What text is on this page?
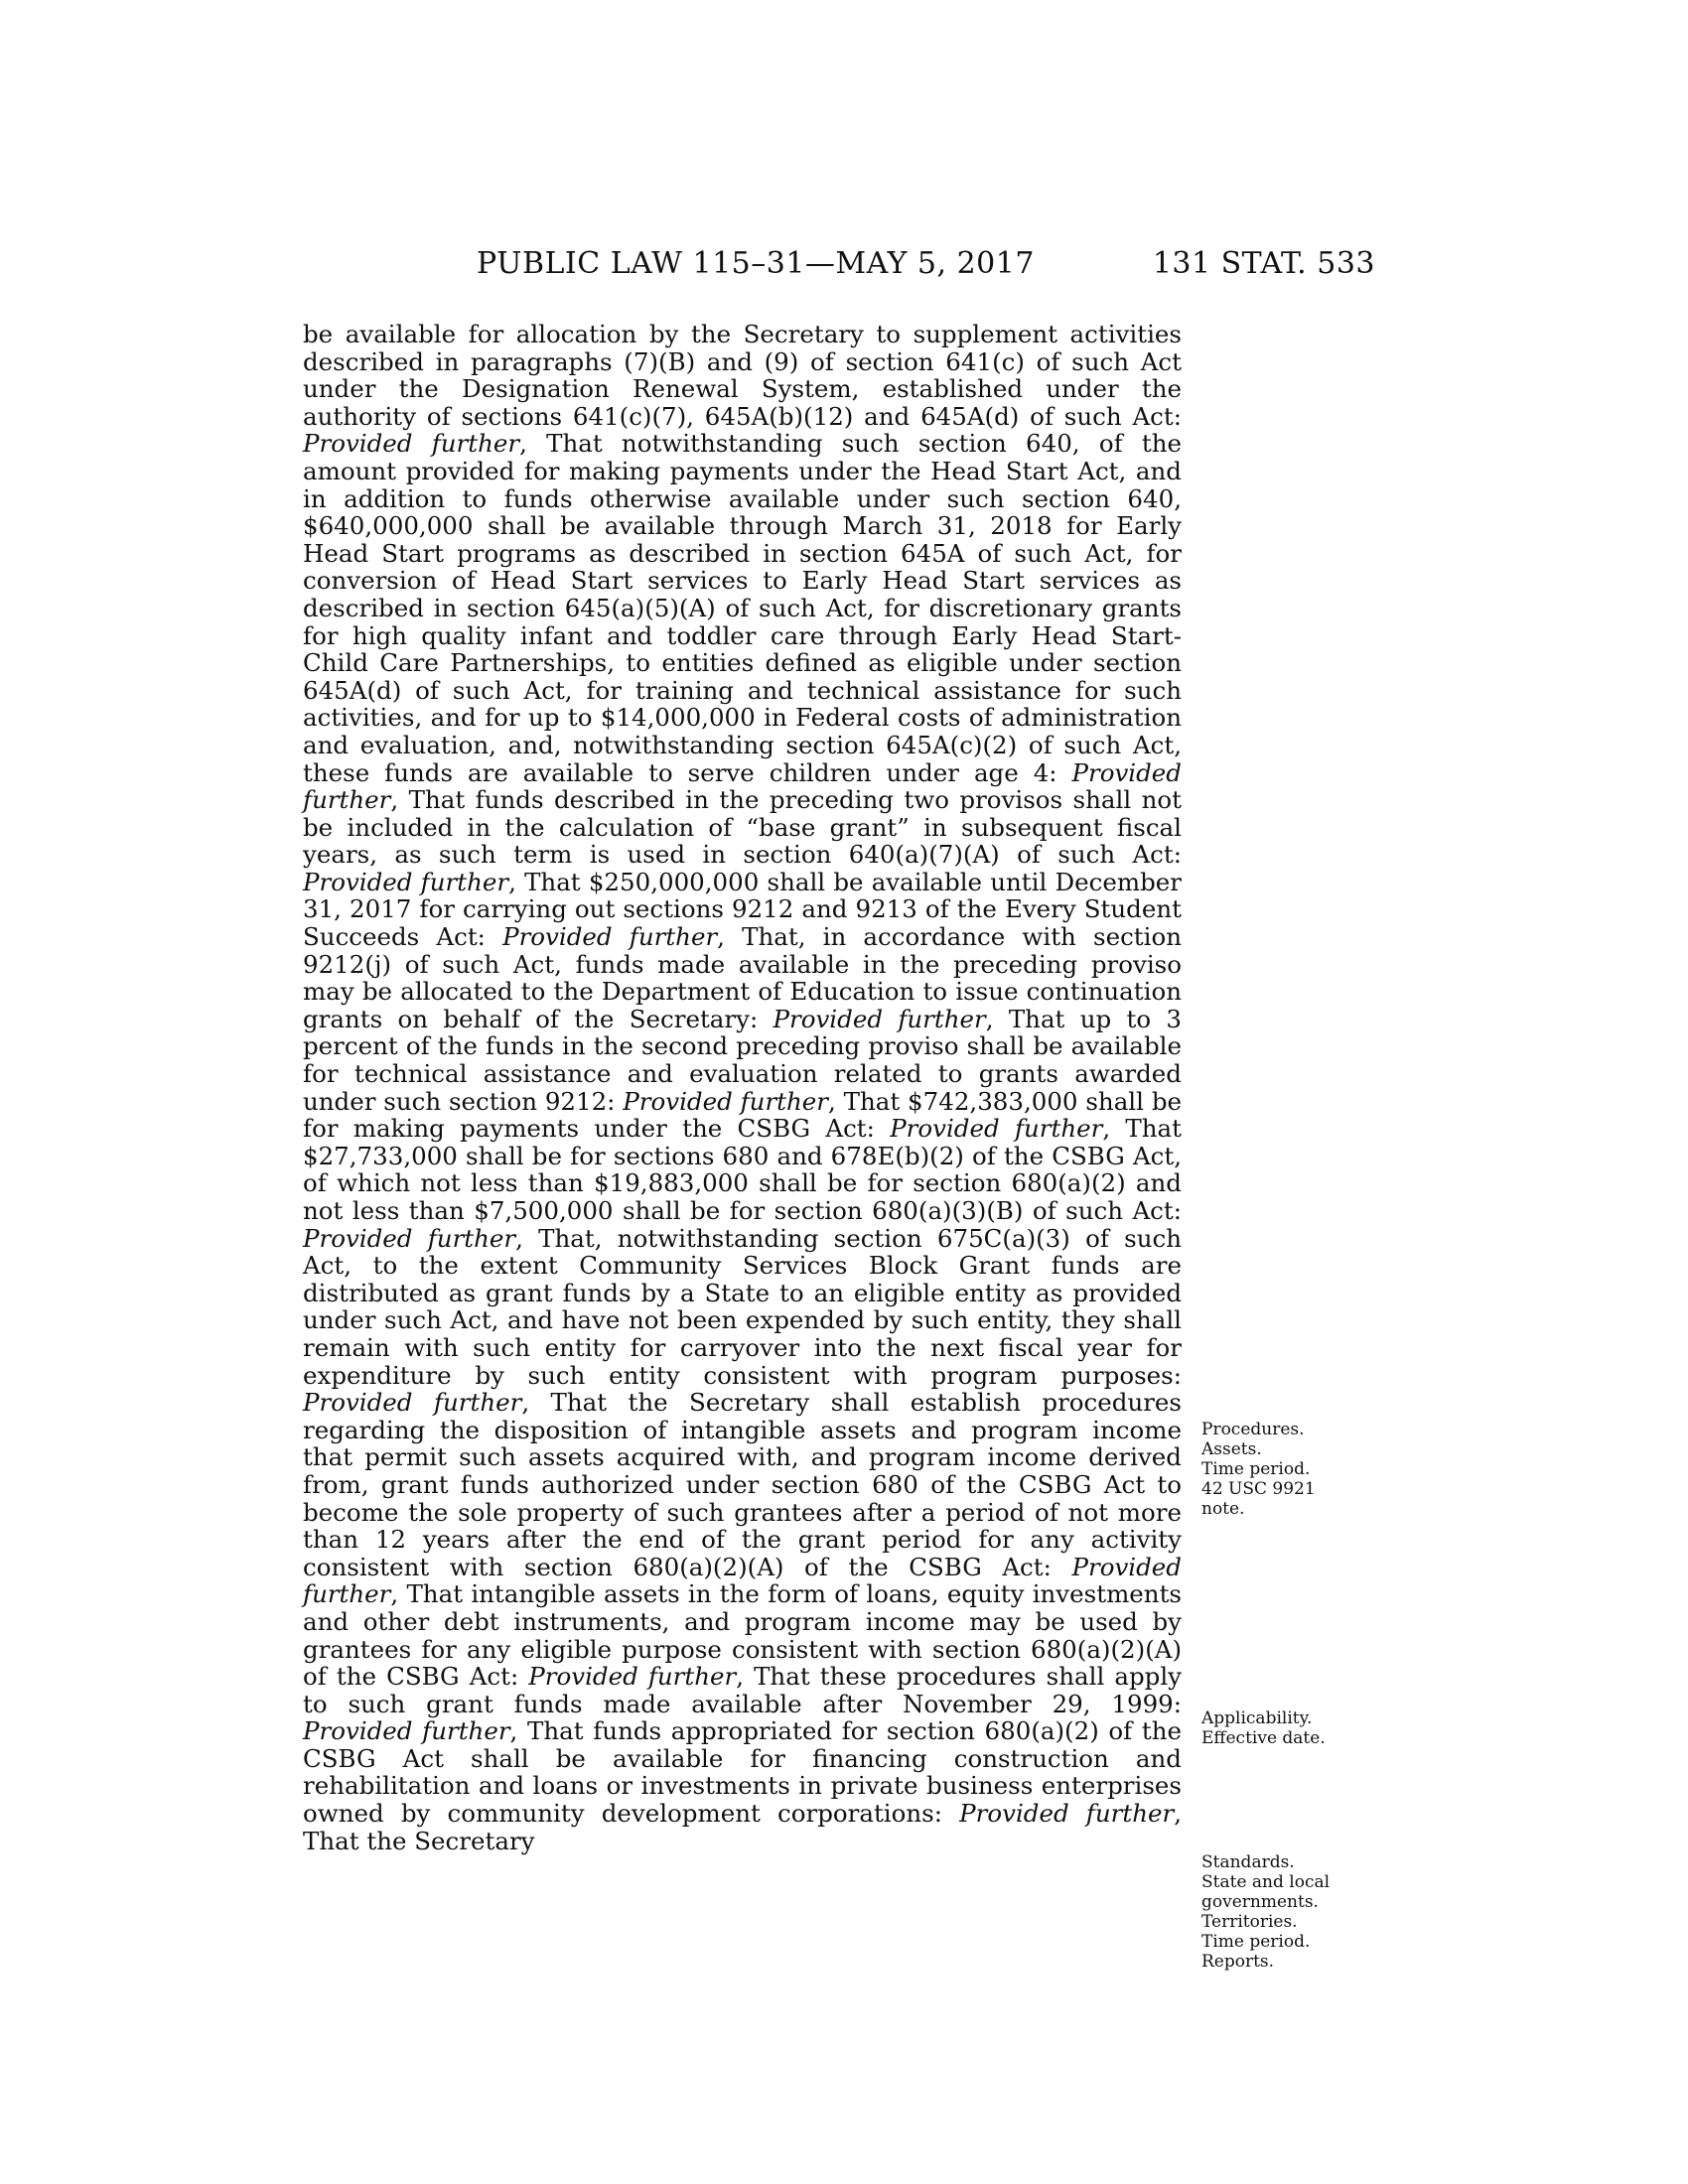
PUBLIC LAW 115–31—MAY 5, 2017	131 STAT. 533

be available for allocation by the Secretary to supplement activities described in paragraphs (7)(B) and (9) of section 641(c) of such Act under the Designation Renewal System, established under the authority of sections 641(c)(7), 645A(b)(12) and 645A(d) of such Act: Provided further, That notwithstanding such section 640, of the amount provided for making payments under the Head Start Act, and in addition to funds otherwise available under such section 640, $640,000,000 shall be available through March 31, 2018 for Early Head Start programs as described in section 645A of such Act, for conversion of Head Start services to Early Head Start services as described in section 645(a)(5)(A) of such Act, for discretionary grants for high quality infant and toddler care through Early Head Start-Child Care Partnerships, to entities defined as eligible under section 645A(d) of such Act, for training and technical assistance for such activities, and for up to $14,000,000 in Federal costs of administration and evaluation, and, notwithstanding section 645A(c)(2) of such Act, these funds are available to serve children under age 4: Provided further, That funds described in the preceding two provisos shall not be included in the calculation of “base grant” in subsequent fiscal years, as such term is used in section 640(a)(7)(A) of such Act: Provided further, That $250,000,000 shall be available until December 31, 2017 for carrying out sections 9212 and 9213 of the Every Student Succeeds Act: Provided further, That, in accordance with section 9212(j) of such Act, funds made available in the preceding proviso may be allocated to the Department of Education to issue continuation grants on behalf of the Secretary: Provided further, That up to 3 percent of the funds in the second preceding proviso shall be available for technical assistance and evaluation related to grants awarded under such section 9212: Provided further, That $742,383,000 shall be for making payments under the CSBG Act: Provided further, That $27,733,000 shall be for sections 680 and 678E(b)(2) of the CSBG Act, of which not less than $19,883,000 shall be for section 680(a)(2) and not less than $7,500,000 shall be for section 680(a)(3)(B) of such Act: Provided further, That, notwithstanding section 675C(a)(3) of such Act, to the extent Community Services Block Grant funds are distributed as grant funds by a State to an eligible entity as provided under such Act, and have not been expended by such entity, they shall remain with such entity for carryover into the next fiscal year for expenditure by such entity consistent with program purposes: Provided further, That the Secretary shall establish procedures regarding the disposition of intangible assets and program income that permit such assets acquired with, and program income derived from, grant funds authorized under section 680 of the CSBG Act to become the sole property of such grantees after a period of not more than 12 years after the end of the grant period for any activity consistent with section 680(a)(2)(A) of the CSBG Act: Provided further, That intangible assets in the form of loans, equity investments and other debt instruments, and program income may be used by grantees for any eligible purpose consistent with section 680(a)(2)(A) of the CSBG Act: Provided further, That these procedures shall apply to such grant funds made available after November 29, 1999: Provided further, That funds appropriated for section 680(a)(2) of the CSBG Act shall be available for financing construction and rehabilitation and loans or investments in private business enterprises owned by community development corporations: Provided further, That the Secretary

Procedures.
Assets.
Time period.
42 USC 9921
note.
Applicability.
Effective date.
Standards.
State and local
governments.
Territories.
Time period.
Reports.
